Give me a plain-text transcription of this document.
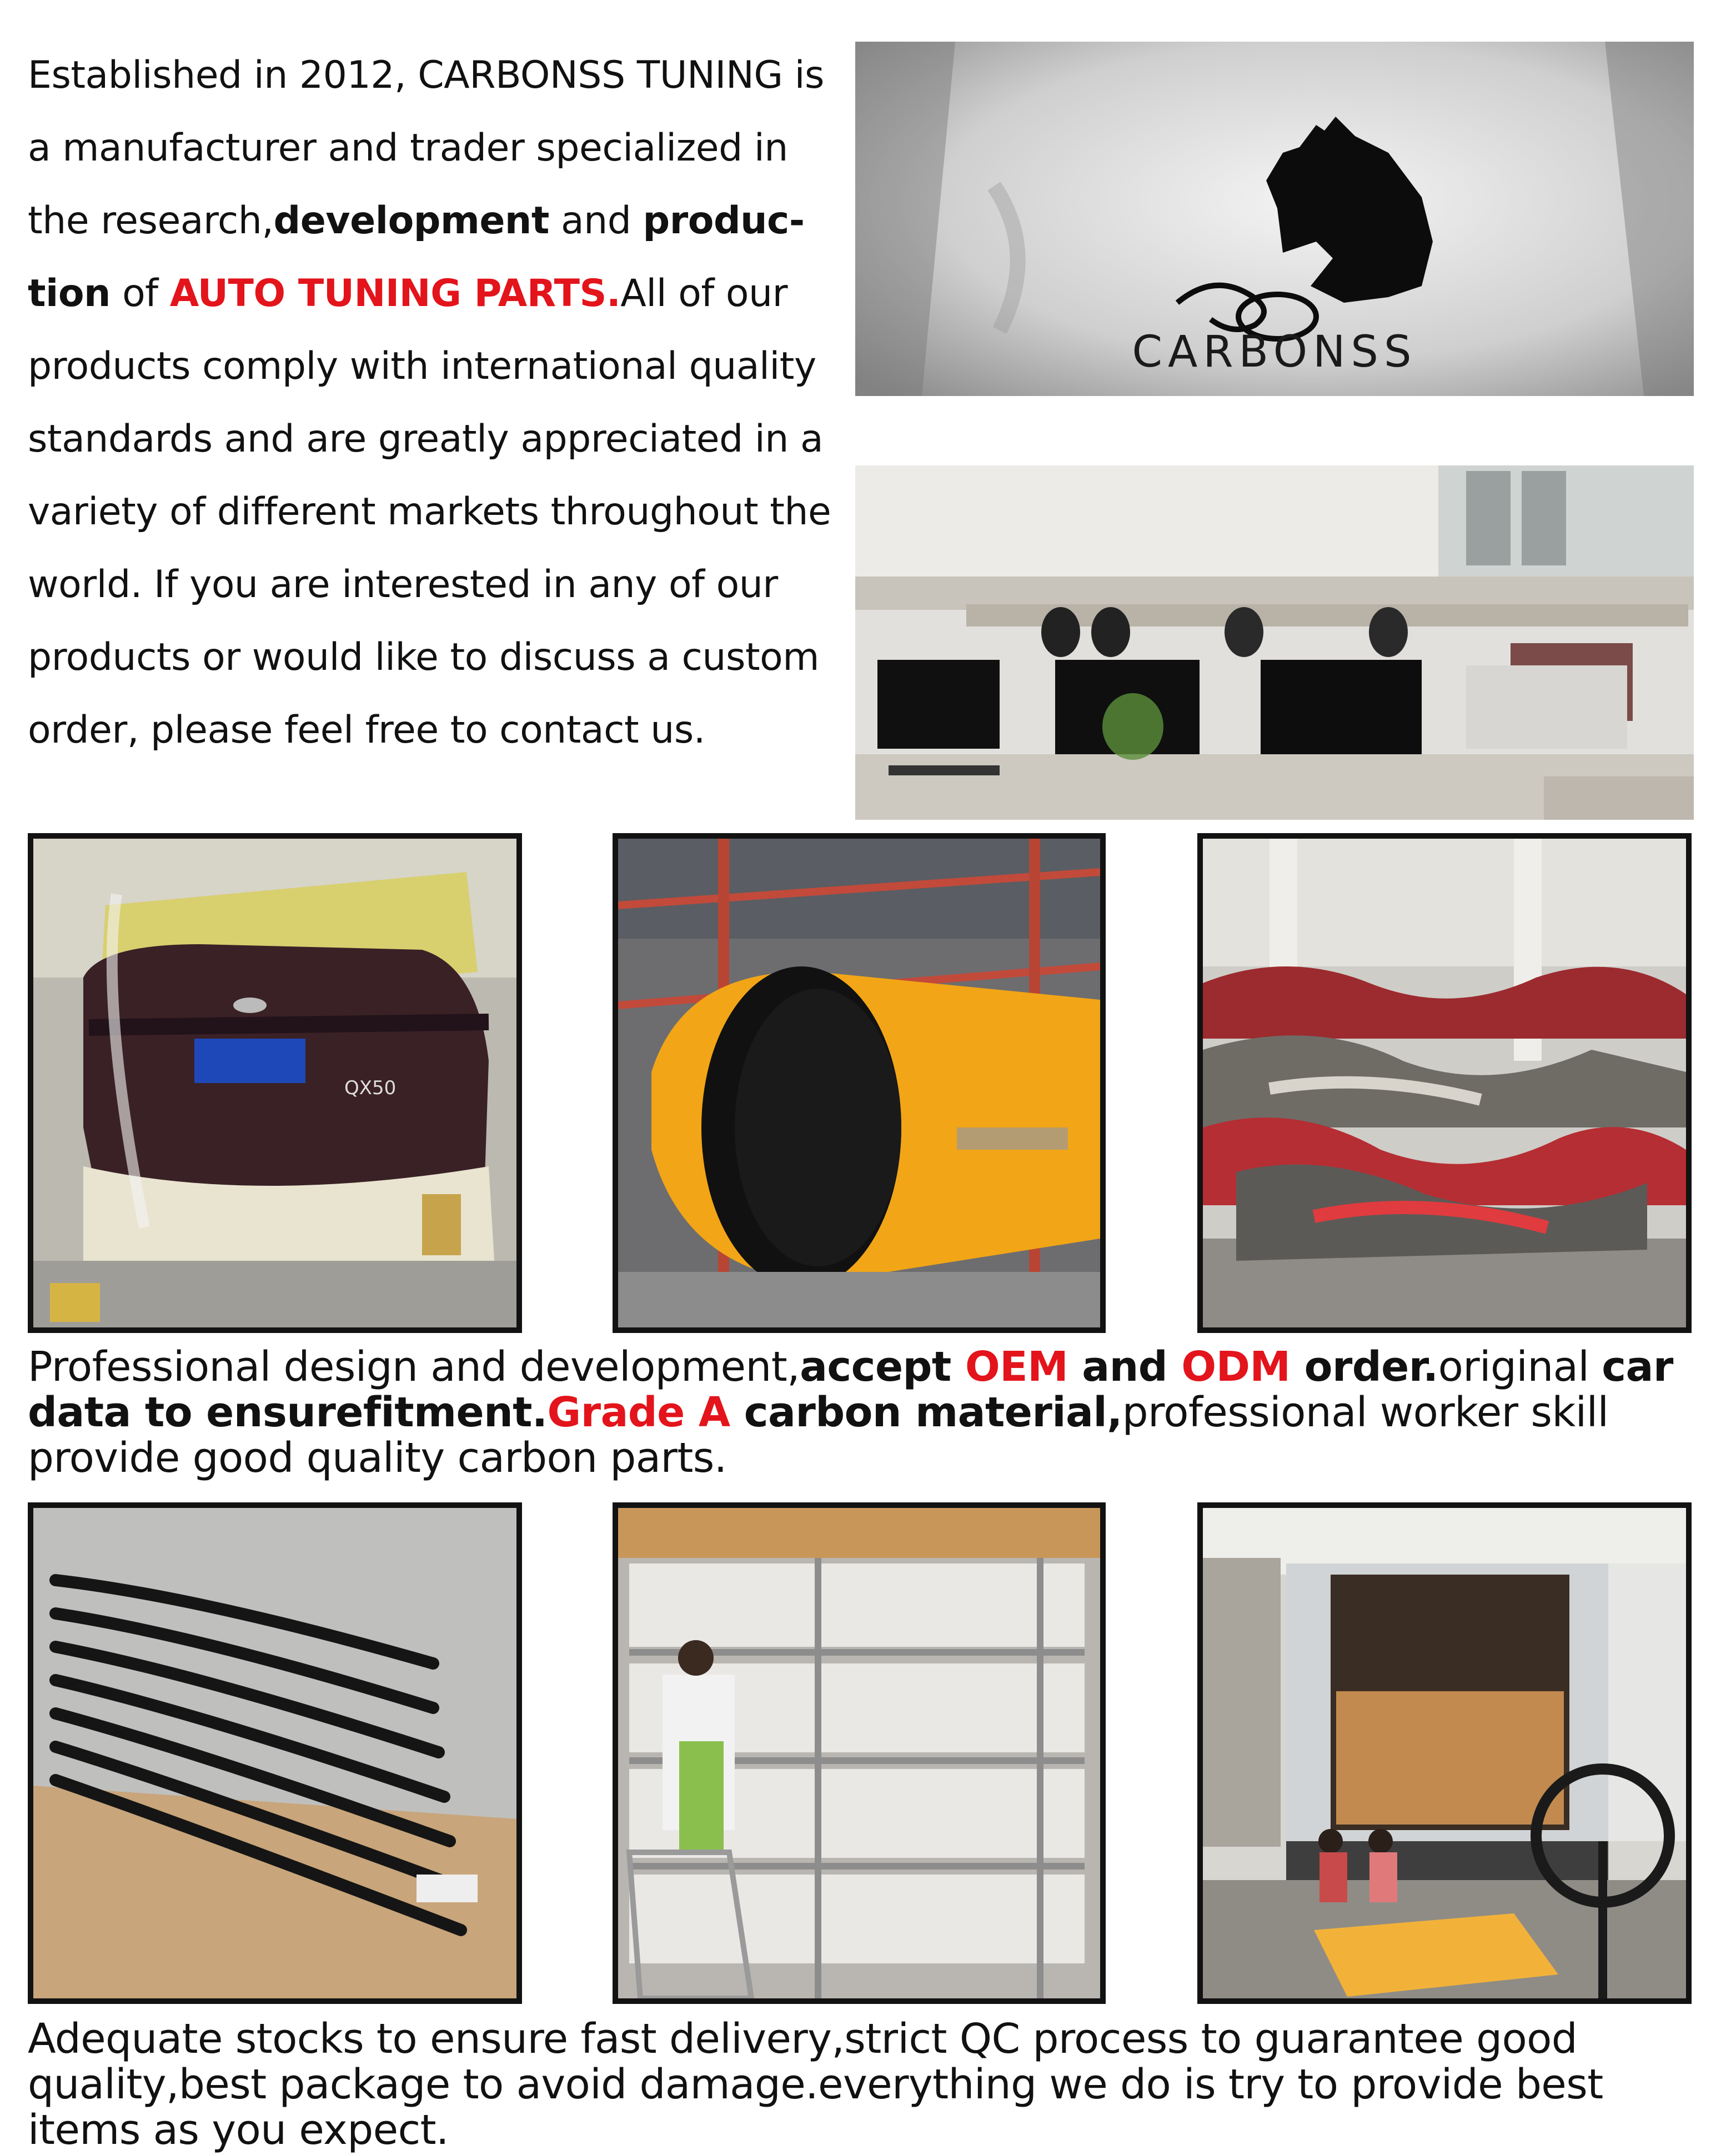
Established in 2012, CARBONSS TUNING is a manufacturer and trader specialized in the research,development and produc-tion of AUTO TUNING PARTS.All of our products comply with international quality standards and are greatly appreciated in a variety of different markets throughout the world. If you are interested in any of our products or would like to discuss a custom order, please feel free to contact us.

CARBONSS
QX50

Professional design and development,accept OEM and ODM order.original car data to ensurefitment.Grade A carbon material,professional worker skill provide good quality carbon parts.

Adequate stocks to ensure fast delivery,strict QC process to guarantee good quality,best package to avoid damage.everything we do is try to provide best items as you expect.
